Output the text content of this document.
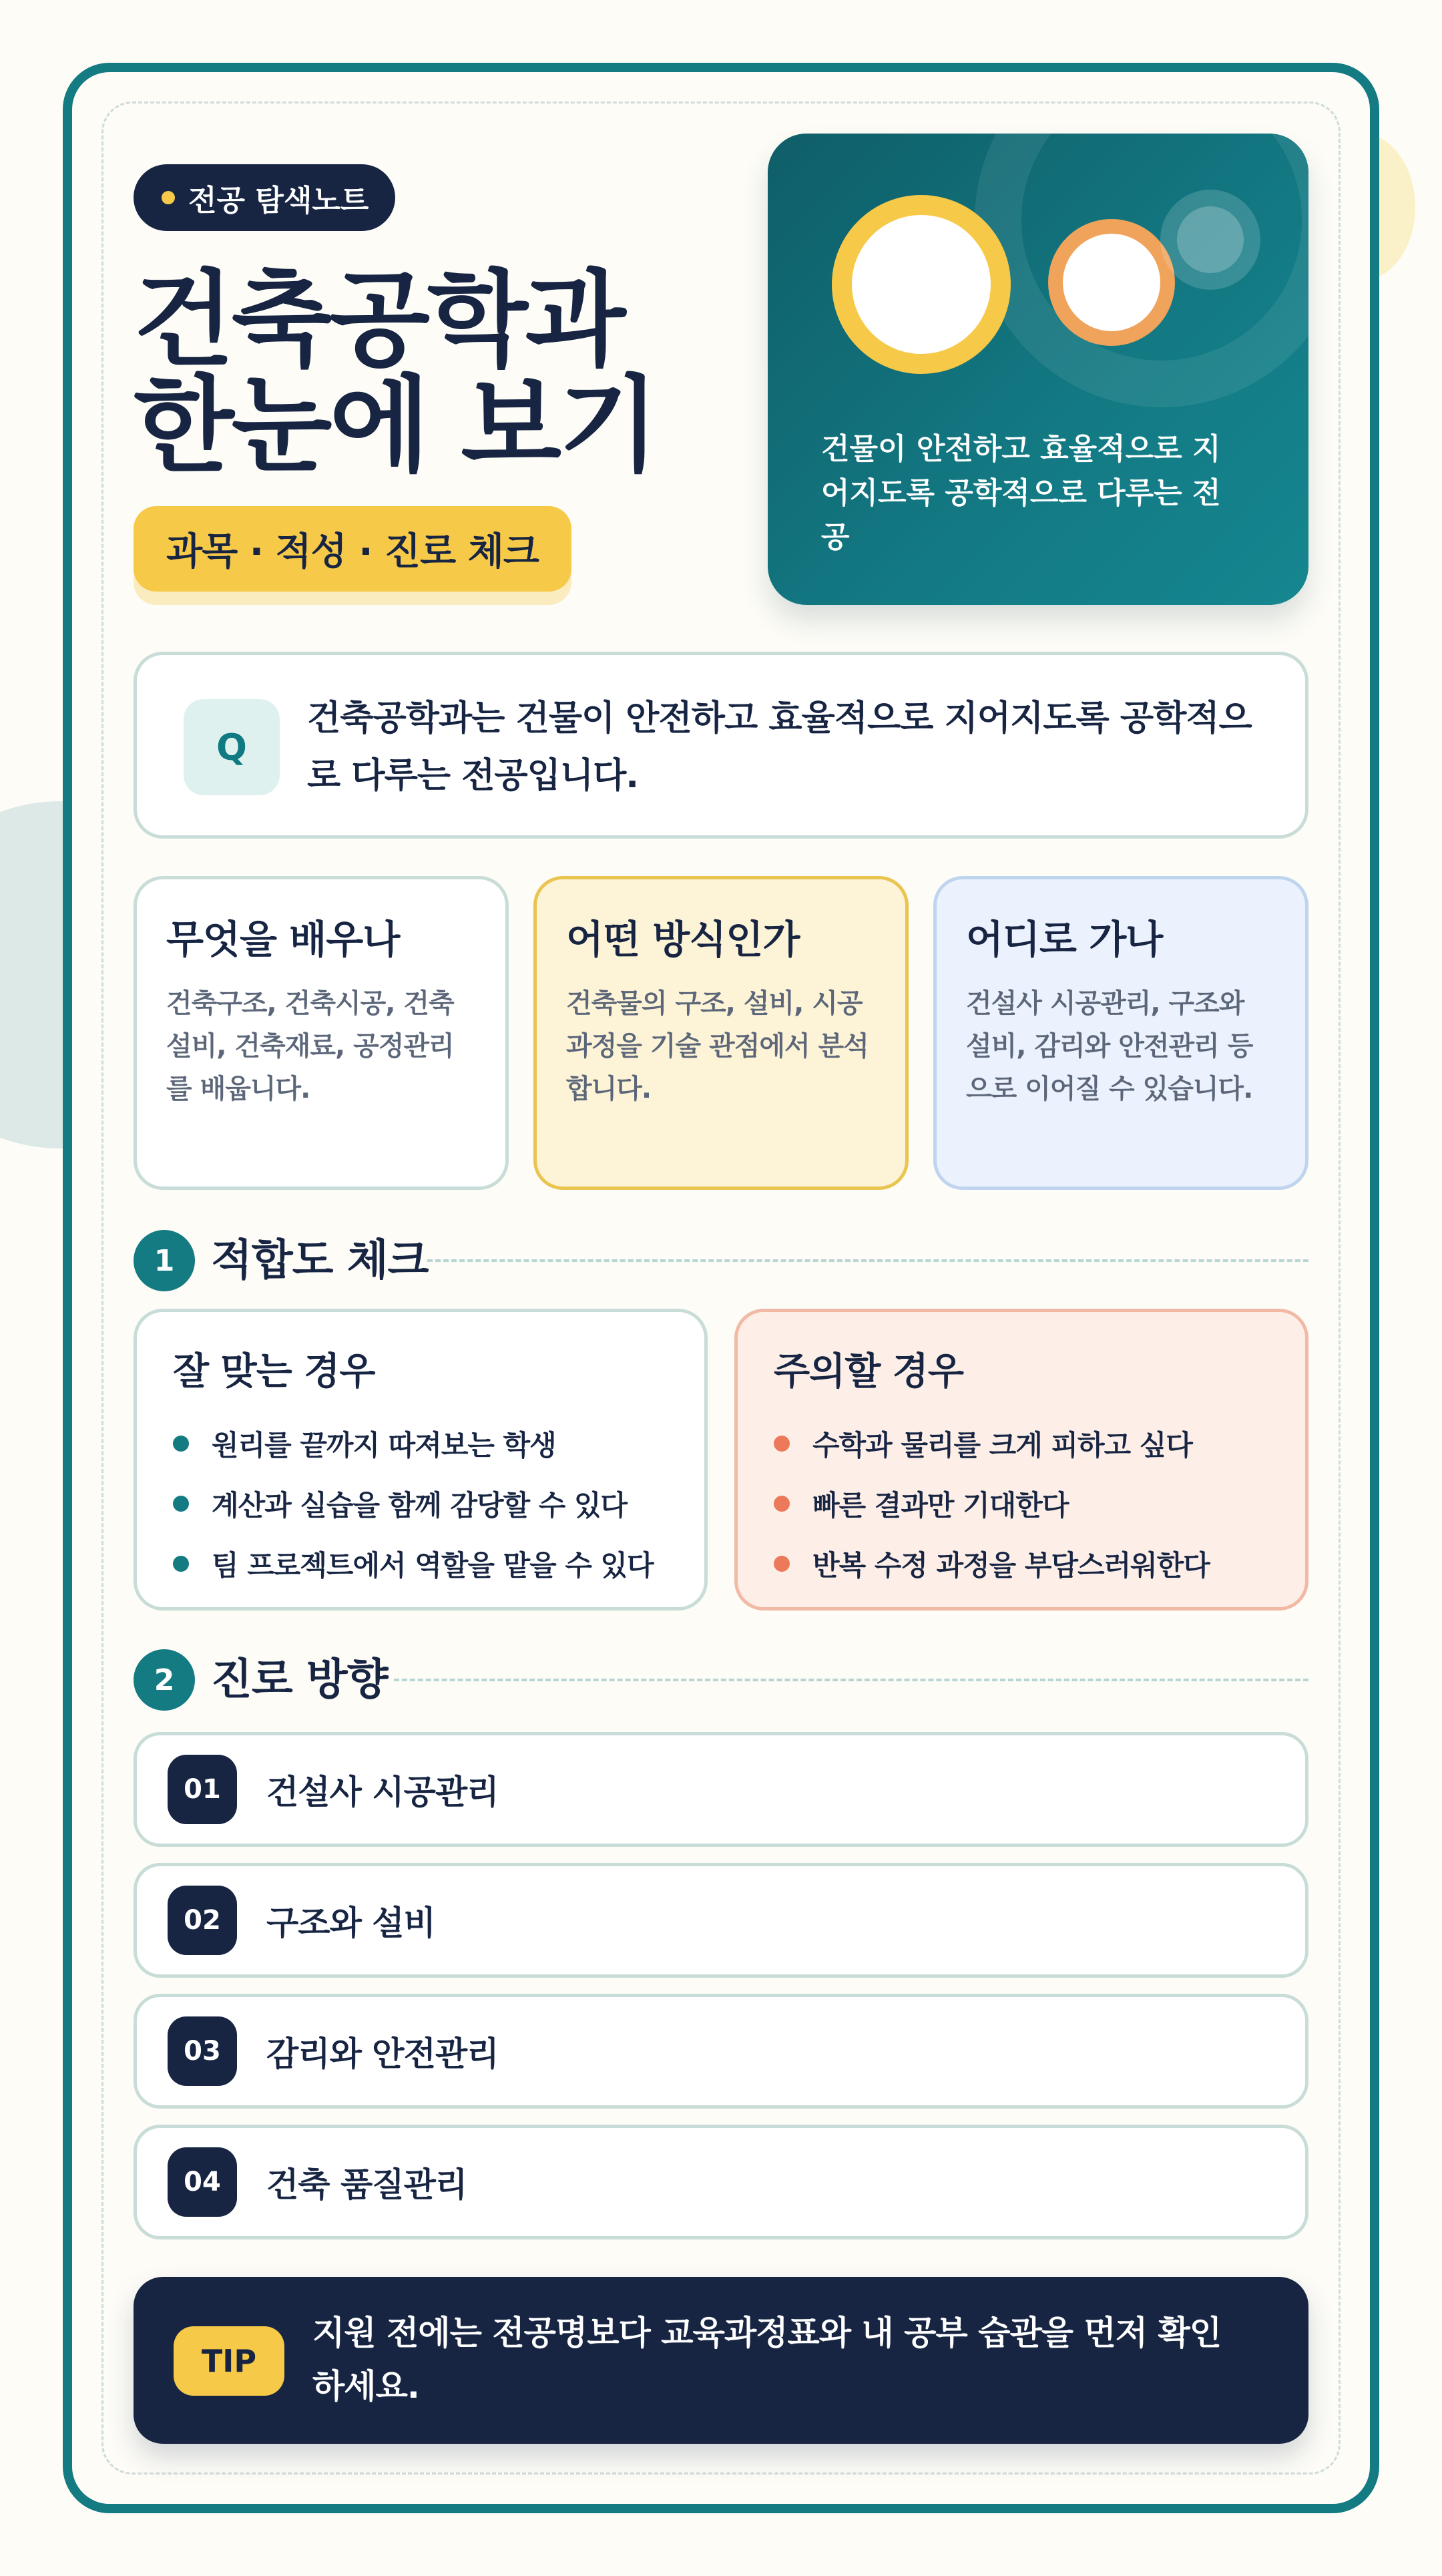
전공 탐색노트
건축공학과
한눈에 보기
과목 · 적성 · 진로 체크
건물이 안전하고 효율적으로 지어지도록 공학적으로 다루는 전공
Q
건축공학과는 건물이 안전하고 효율적으로 지어지도록 공학적으로 다루는 전공입니다.
무엇을 배우나

건축구조, 건축시공, 건축설비, 건축재료, 공정관리를 배웁니다.

어떤 방식인가

건축물의 구조, 설비, 시공 과정을 기술 관점에서 분석합니다.

어디로 가나

건설사 시공관리, 구조와 설비, 감리와 안전관리 등으로 이어질 수 있습니다.

1 적합도 체크
잘 맞는 경우
원리를 끝까지 따져보는 학생
계산과 실습을 함께 감당할 수 있다
팀 프로젝트에서 역할을 맡을 수 있다
주의할 경우
수학과 물리를 크게 피하고 싶다
빠른 결과만 기대한다
반복 수정 과정을 부담스러워한다
2 진로 방향
01	건설사 시공관리
02	구조와 설비
03	감리와 안전관리
04	건축 품질관리
TIP
지원 전에는 전공명보다 교육과정표와 내 공부 습관을 먼저 확인하세요.
